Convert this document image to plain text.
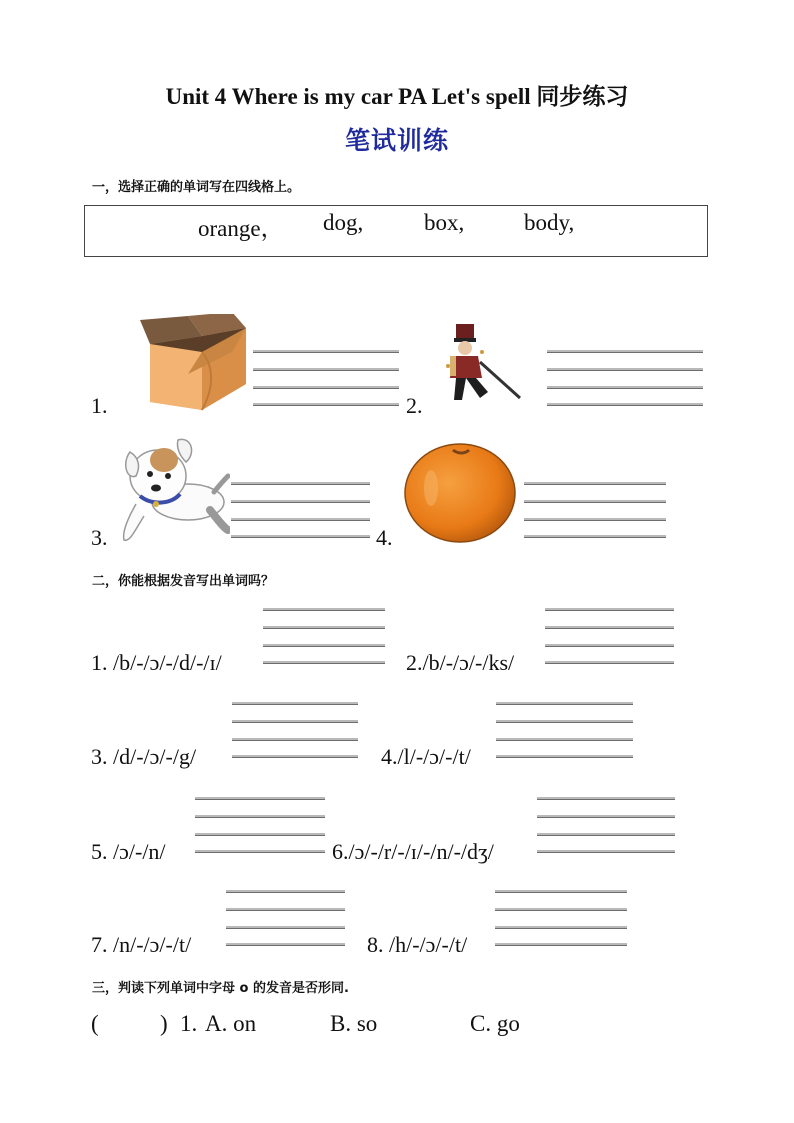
Unit 4 Where is my car PA Let's spell 同步练习
笔试训练
一，选择正确的单词写在四线格上。
orange， dog,	box,	body,
1.	2.
3.	4.
二，你能根据发音写出单词吗？
1. /b/-/ɔ/-/d/-/ɪ/	2./b/-/ɔ/-/ks/
3. /d/-/ɔ/-/g/	4./l/-/ɔ/-/t/
5. /ɔ/-/n/	6./ɔ/-/r/-/ɪ/-/n/-/dʒ/
7. /n/-/ɔ/-/t/	8. /h/-/ɔ/-/t/
三，判读下列单词中字母 o 的发音是否形同.
(	) 1. A. on	B. so	C. go
